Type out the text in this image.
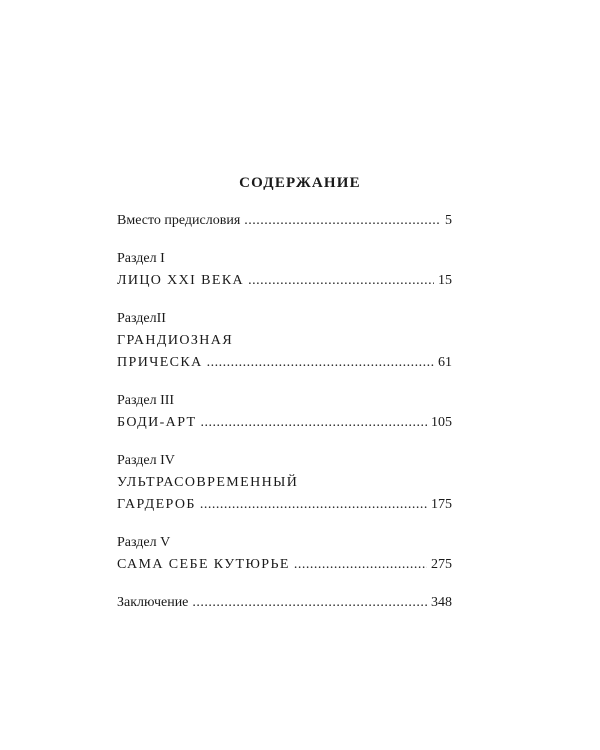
СОДЕРЖАНИЕ
Вместо предисловия .....	5
Раздел I
ЛИЦО XXI ВЕКА .....	15
РазделII
ГРАНДИОЗНАЯ
ПРИЧЕСКА .....	61
Раздел III
БОДИ-АРТ .....	105
Раздел IV
УЛЬТРАСОВРЕМЕННЫЙ
ГАРДЕРОБ .....	175
Раздел V
САМА СЕБЕ КУТЮРЬЕ .....	275
Заключение .....	348
